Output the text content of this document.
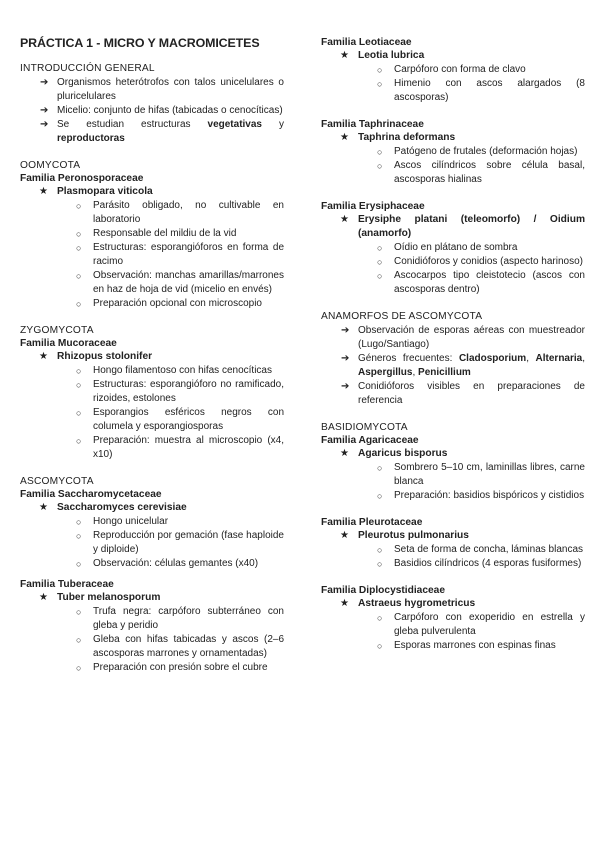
PRÁCTICA 1 - MICRO Y MACROMICETES
INTRODUCCIÓN GENERAL
➔ Organismos heterótrofos con talos unicelulares o pluricelulares
➔ Micelio: conjunto de hifas (tabicadas o cenocíticas)
➔ Se estudian estructuras vegetativas y reproductoras
OOMYCOTA
Familia Peronosporaceae
★ Plasmopara viticola
○ Parásito obligado, no cultivable en laboratorio
○ Responsable del mildiu de la vid
○ Estructuras: esporangióforos en forma de racimo
○ Observación: manchas amarillas/marrones en haz de hoja de vid (micelio en envés)
○ Preparación opcional con microscopio
ZYGOMYCOTA
Familia Mucoraceae
★ Rhizopus stolonifer
○ Hongo filamentoso con hifas cenocíticas
○ Estructuras: esporangióforo no ramificado, rizoides, estolones
○ Esporangios esféricos negros con columela y esporangiosporas
○ Preparación: muestra al microscopio (x4, x10)
ASCOMYCOTA
Familia Saccharomycetaceae
★ Saccharomyces cerevisiae
○ Hongo unicelular
○ Reproducción por gemación (fase haploide y diploide)
○ Observación: células gemantes (x40)
Familia Tuberaceae
★ Tuber melanosporum
○ Trufa negra: carpóforo subterráneo con gleba y peridio
○ Gleba con hifas tabicadas y ascos (2–6 ascosporas marrones y ornamentadas)
○ Preparación con presión sobre el cubre
Familia Leotiaceae
★ Leotia lubrica
○ Carpóforo con forma de clavo
○ Himenio con ascos alargados (8 ascosporas)
Familia Taphrinaceae
★ Taphrina deformans
○ Patógeno de frutales (deformación hojas)
○ Ascos cilíndricos sobre célula basal, ascosporas hialinas
Familia Erysiphaceae
★ Erysiphe platani (teleomorfo) / Oidium (anamorfo)
○ Oídio en plátano de sombra
○ Conidióforos y conidios (aspecto harinoso)
○ Ascocarpos tipo cleistotecio (ascos con ascosporas dentro)
ANAMORFOS DE ASCOMYCOTA
➔ Observación de esporas aéreas con muestreador (Lugo/Santiago)
➔ Géneros frecuentes: Cladosporium, Alternaria, Aspergillus, Penicillium
➔ Conidióforos visibles en preparaciones de referencia
BASIDIOMYCOTA
Familia Agaricaceae
★ Agaricus bisporus
○ Sombrero 5–10 cm, laminillas libres, carne blanca
○ Preparación: basidios bispóricos y cistidios
Familia Pleurotaceae
★ Pleurotus pulmonarius
○ Seta de forma de concha, láminas blancas
○ Basidios cilíndricos (4 esporas fusiformes)
Familia Diplocystidiaceae
★ Astraeus hygrometricus
○ Carpóforo con exoperidio en estrella y gleba pulverulenta
○ Esporas marrones con espinas finas
